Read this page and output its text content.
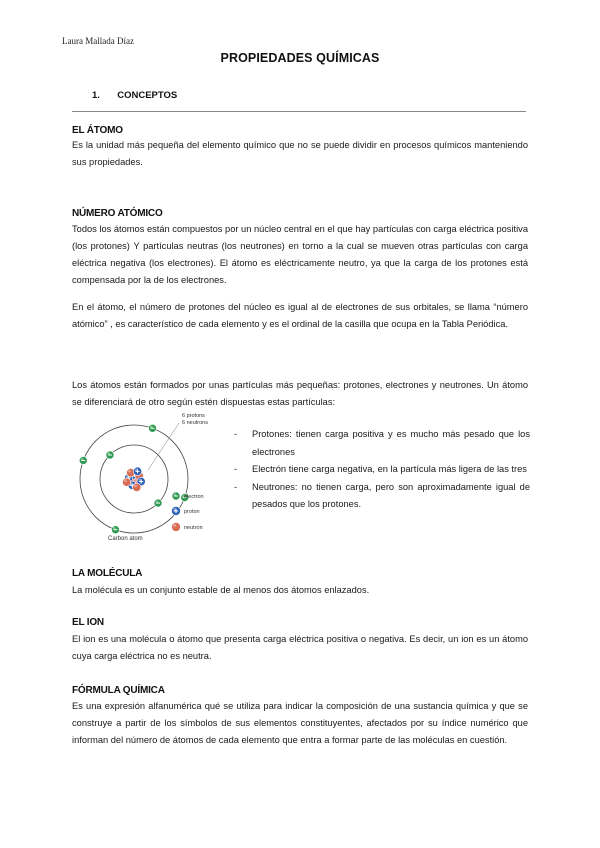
Laura Mallada Díaz
PROPIEDADES QUÍMICAS
1. CONCEPTOS
EL ÁTOMO
Es la unidad más pequeña del elemento químico que no se puede dividir en procesos químicos manteniendo sus propiedades.
NÚMERO ATÓMICO
Todos los átomos están compuestos por un núcleo central en el que hay partículas con carga eléctrica positiva (los protones) Y partículas neutras (los neutrones) en torno a la cual se mueven otras partículas con carga eléctrica negativa (los electrones). El átomo es eléctricamente neutro, ya que la carga de los protones está compensada por la de los electrones.
En el átomo, el número de protones del núcleo es igual al de electrones de sus orbitales, se llama “número atómico” , es característico de cada elemento y es el ordinal de la casilla que ocupa en la Tabla Periódica.
Los átomos están formados por unas partículas más pequeñas: protones, electrones y neutrones. Un átomo se diferenciará de otro según estén dispuestas estas partículas:
6 protons
6 neutrons
electron
proton
neutron
Carbon atom
- Protones: tienen carga positiva y es mucho más pesado que los electrones
- Electrón tiene carga negativa, en la partícula más ligera de las tres
- Neutrones: no tienen carga, pero son aproximadamente igual de pesados que los protones.
LA MOLÉCULA
La molécula es un conjunto estable de al menos dos átomos enlazados.
EL ION
El ion es una molécula o átomo que presenta carga eléctrica positiva o negativa. Es decir, un ion es un átomo cuya carga eléctrica no es neutra.
FÓRMULA QUÍMICA
Es una expresión alfanumérica qué se utiliza para indicar la composición de una sustancia química y que se construye a partir de los símbolos de sus elementos constituyentes, afectados por su índice numérico que informan del número de átomos de cada elemento que entra a formar parte de las moléculas en cuestión.
